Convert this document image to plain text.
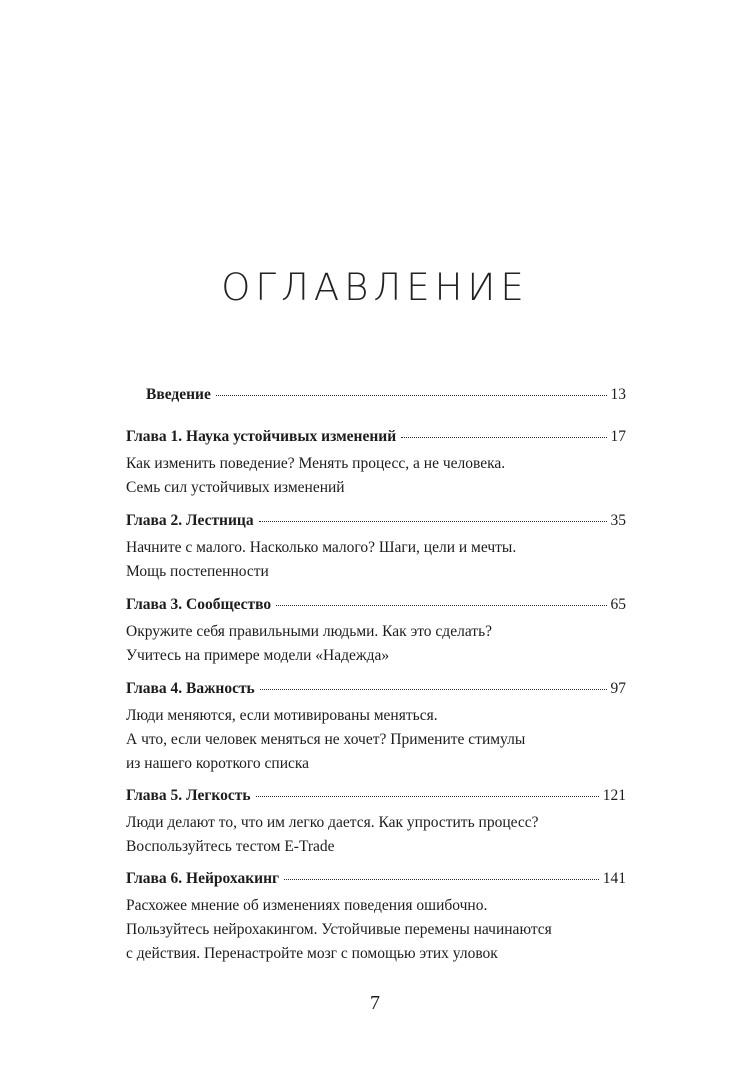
ОГЛАВЛЕНИЕ
Введение	13
Глава 1. Наука устойчивых изменений	17
Как изменить поведение? Менять процесс, а не человека.
Семь сил устойчивых изменений
Глава 2. Лестница	35
Начните с малого. Насколько малого? Шаги, цели и мечты.
Мощь постепенности
Глава 3. Сообщество	65
Окружите себя правильными людьми. Как это сделать?
Учитесь на примере модели «Надежда»
Глава 4. Важность	97
Люди меняются, если мотивированы меняться.
А что, если человек меняться не хочет? Примените стимулы
из нашего короткого списка
Глава 5. Легкость	121
Люди делают то, что им легко дается. Как упростить процесс?
Воспользуйтесь тестом E-Trade
Глава 6. Нейрохакинг	141
Расхожее мнение об изменениях поведения ошибочно.
Пользуйтесь нейрохакингом. Устойчивые перемены начинаются
с действия. Перенастройте мозг с помощью этих уловок
7
